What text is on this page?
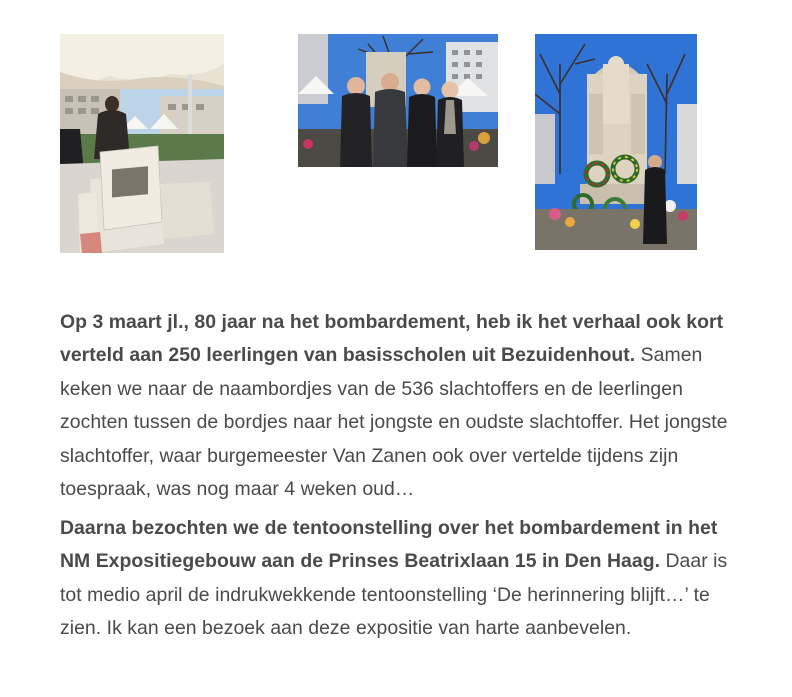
Op 3 maart jl., 80 jaar na het bombardement, heb ik het verhaal ook kort verteld aan 250 leerlingen van basisscholen uit Bezuidenhout. Samen keken we naar de naambordjes van de 536 slachtoffers en de leerlingen zochten tussen de bordjes naar het jongste en oudste slachtoffer. Het jongste slachtoffer, waar burgemeester Van Zanen ook over vertelde tijdens zijn toespraak, was nog maar 4 weken oud…

Daarna bezochten we de tentoonstelling over het bombardement in het NM Expositiegebouw aan de Prinses Beatrixlaan 15 in Den Haag. Daar is tot medio april de indrukwekkende tentoonstelling ‘De herinnering blijft…’ te zien. Ik kan een bezoek aan deze expositie van harte aanbevelen.
